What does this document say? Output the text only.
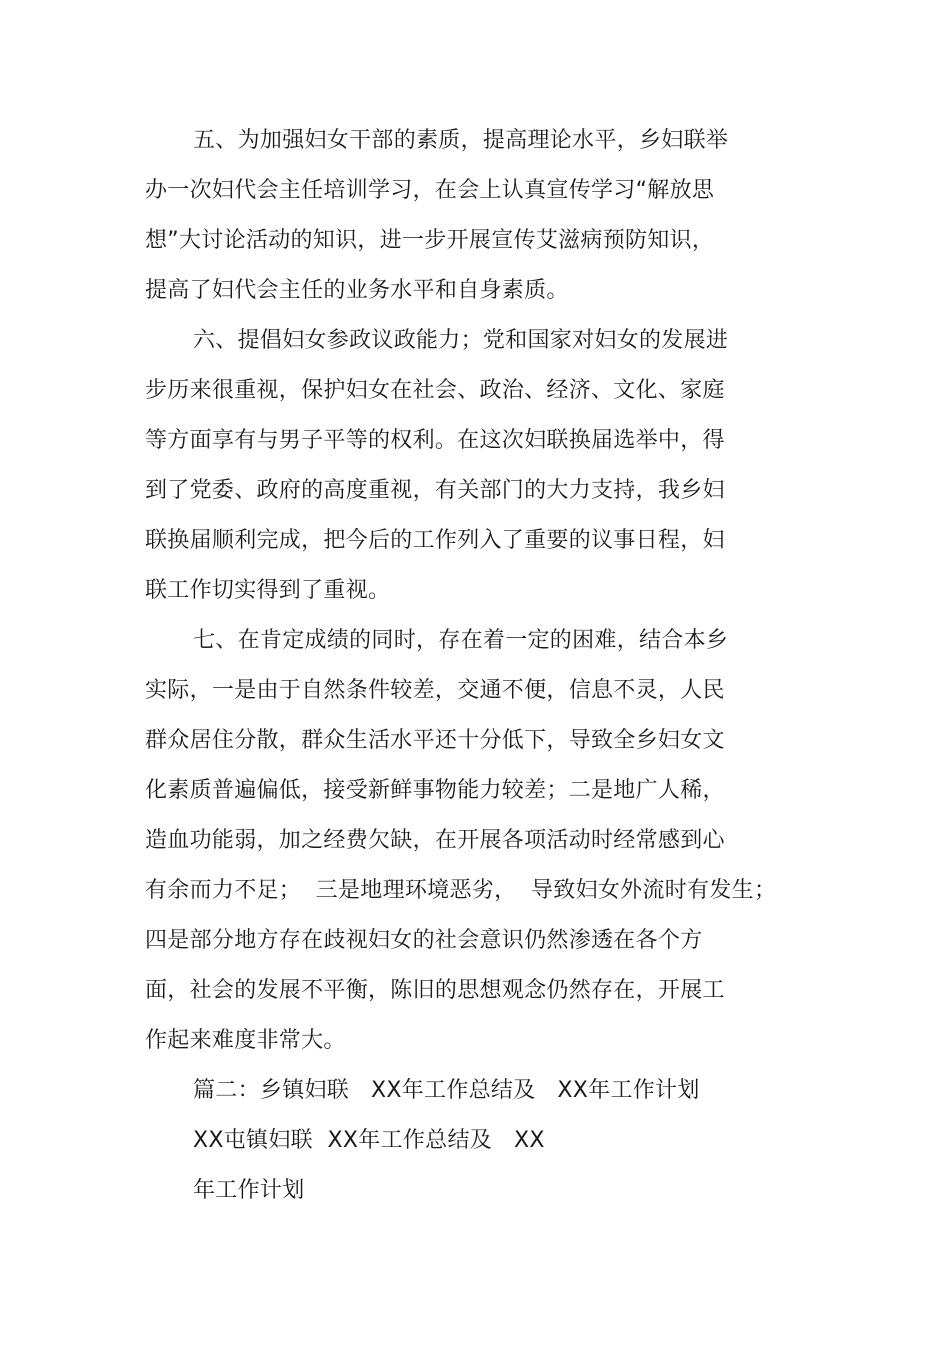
五、为加强妇女干部的素质，提高理论水平，乡妇联举

办一次妇代会主任培训学习，在会上认真宣传学习“解放思

想”大讨论活动的知识，进一步开展宣传艾滋病预防知识，

提高了妇代会主任的业务水平和自身素质。

六、提倡妇女参政议政能力；党和国家对妇女的发展进

步历来很重视，保护妇女在社会、政治、经济、文化、家庭

等方面享有与男子平等的权利。在这次妇联换届选举中，得

到了党委、政府的高度重视，有关部门的大力支持，我乡妇

联换届顺利完成，把今后的工作列入了重要的议事日程，妇

联工作切实得到了重视。

七、在肯定成绩的同时，存在着一定的困难，结合本乡

实际，一是由于自然条件较差，交通不便，信息不灵，人民

群众居住分散，群众生活水平还十分低下，导致全乡妇女文

化素质普遍偏低，接受新鲜事物能力较差；二是地广人稀，

造血功能弱，加之经费欠缺，在开展各项活动时经常感到心

有余而力不足；  三是地理环境恶劣，  导致妇女外流时有发生；

四是部分地方存在歧视妇女的社会意识仍然渗透在各个方

面，社会的发展不平衡，陈旧的思想观念仍然存在，开展工

作起来难度非常大。

篇二：乡镇妇联   XX年工作总结及   XX年工作计划

XX屯镇妇联  XX年工作总结及   XX

年工作计划
